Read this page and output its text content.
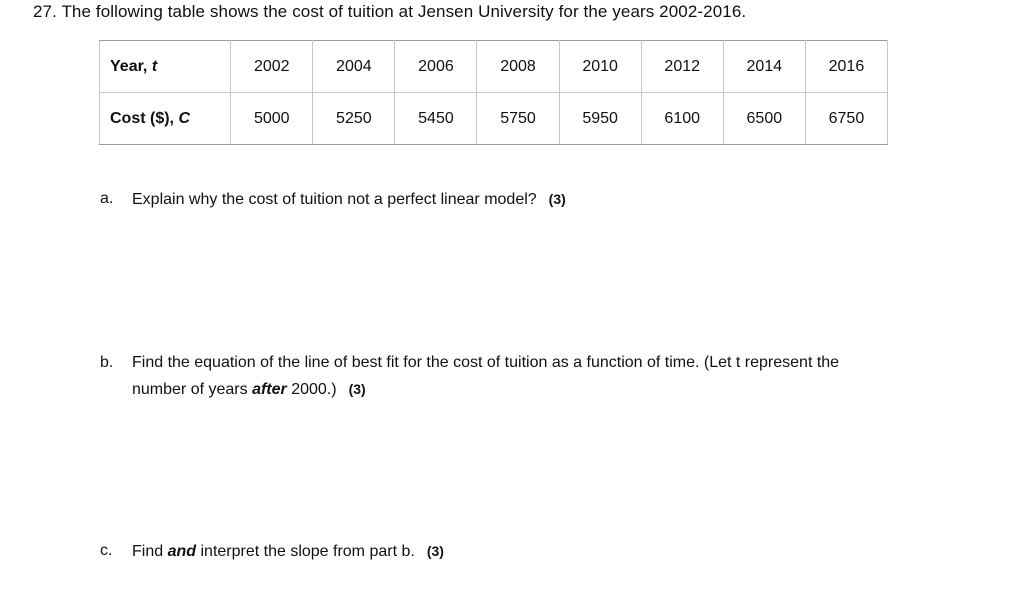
27. The following table shows the cost of tuition at Jensen University for the years 2002-2016.
Year, t	2002	2004	2006	2008	2010	2012	2014	2016
Cost ($), C	5000	5250	5450	5750	5950	6100	6500	6750
a. Explain why the cost of tuition not a perfect linear model? (3)
b. Find the equation of the line of best fit for the cost of tuition as a function of time. (Let t represent the
number of years after 2000.) (3)
c. Find and interpret the slope from part b. (3)
